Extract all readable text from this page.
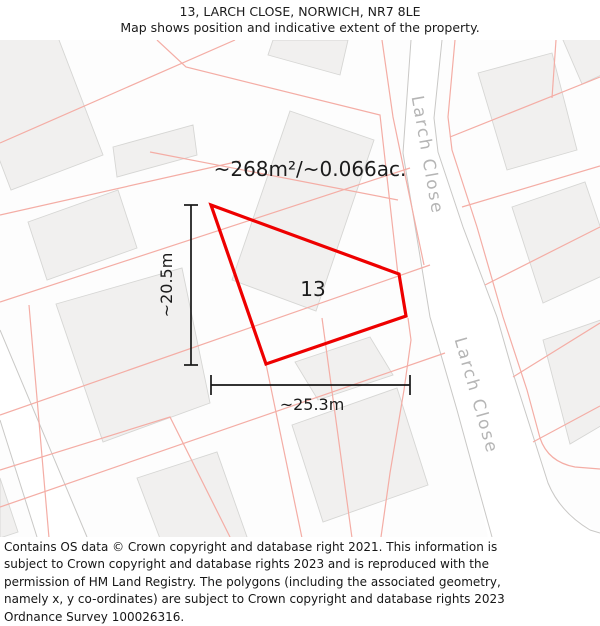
13, LARCH CLOSE, NORWICH, NR7 8LE
Map shows position and indicative extent of the property.
~268m²/~0.066ac.
13
~20.5m
~25.3m
Larch Close
Larch Close

Contains OS data © Crown copyright and database right 2021. This information is subject to Crown copyright and database rights 2023 and is reproduced with the permission of HM Land Registry. The polygons (including the associated geometry, namely x, y co-ordinates) are subject to Crown copyright and database rights 2023 Ordnance Survey 100026316.
